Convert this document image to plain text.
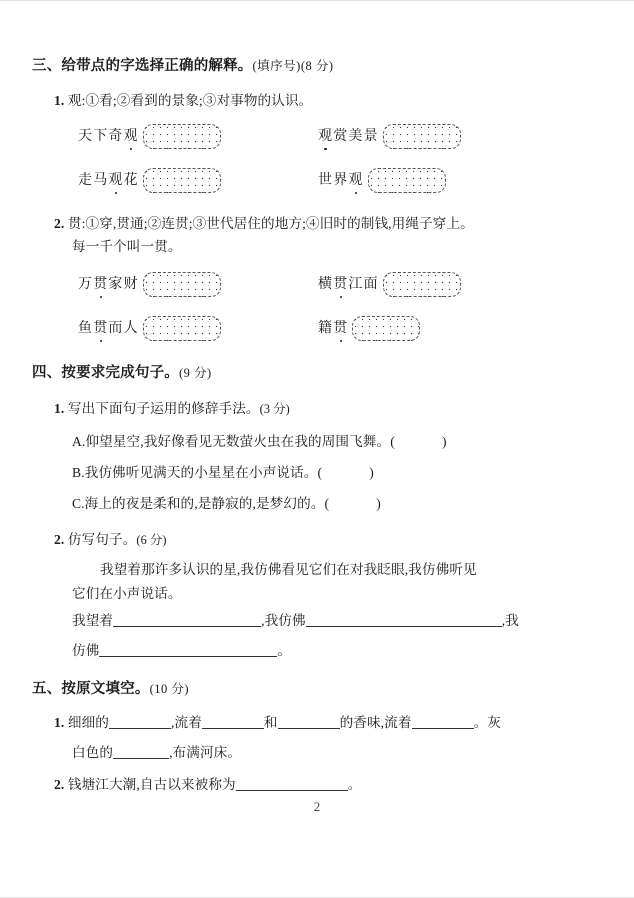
三、给带点的字选择正确的解释。(填序号)(8 分)
1. 观:①看;②看到的景象;③对事物的认识。
天下奇观	观赏美景
走马观花	世界观
2. 贯:①穿,贯通;②连贯;③世代居住的地方;④旧时的制钱,用绳子穿上。
每一千个叫一贯。
万贯家财	横贯江面
鱼贯而人	籍贯
四、按要求完成句子。(9 分)
1. 写出下面句子运用的修辞手法。(3 分)
A.仰望星空,我好像看见无数萤火虫在我的周围飞舞。(            )
B.我仿佛听见满天的小星星在小声说话。(            )
C.海上的夜是柔和的,是静寂的,是梦幻的。(            )
2. 仿写句子。(6 分)
我望着那许多认识的星,我仿佛看见它们在对我眨眼,我仿佛听见
它们在小声说话。
我望着	,我仿佛	,我
仿佛	。
五、按原文填空。(10 分)
1. 细细的	,流着	和	的香味,流着	。灰
白色的	,布满河床。
2. 钱塘江大潮,自古以来被称为	。
2
